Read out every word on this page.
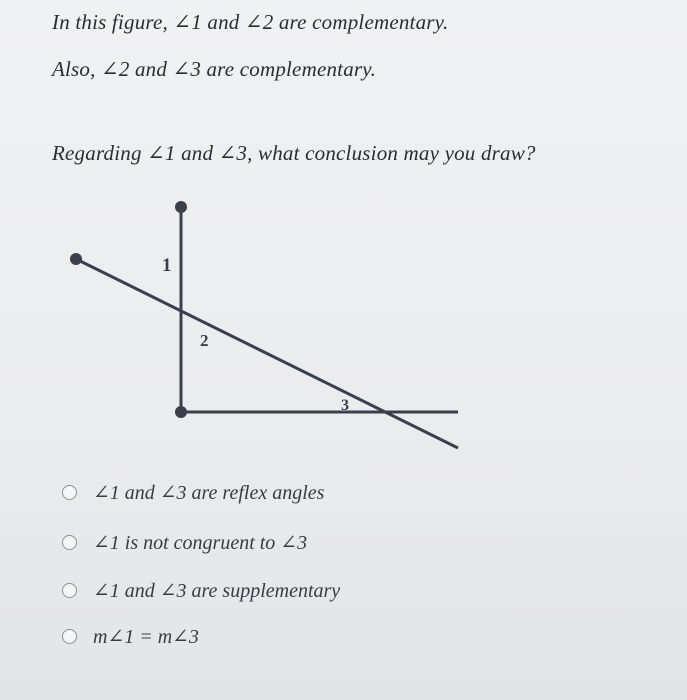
In this figure, ∠1 and ∠2 are complementary.
Also, ∠2 and ∠3 are complementary.
Regarding ∠1 and ∠3, what conclusion may you draw?
1
2
3
∠1 and ∠3 are reflex angles
∠1 is not congruent to ∠3
∠1 and ∠3 are supplementary
m∠1 = m∠3
